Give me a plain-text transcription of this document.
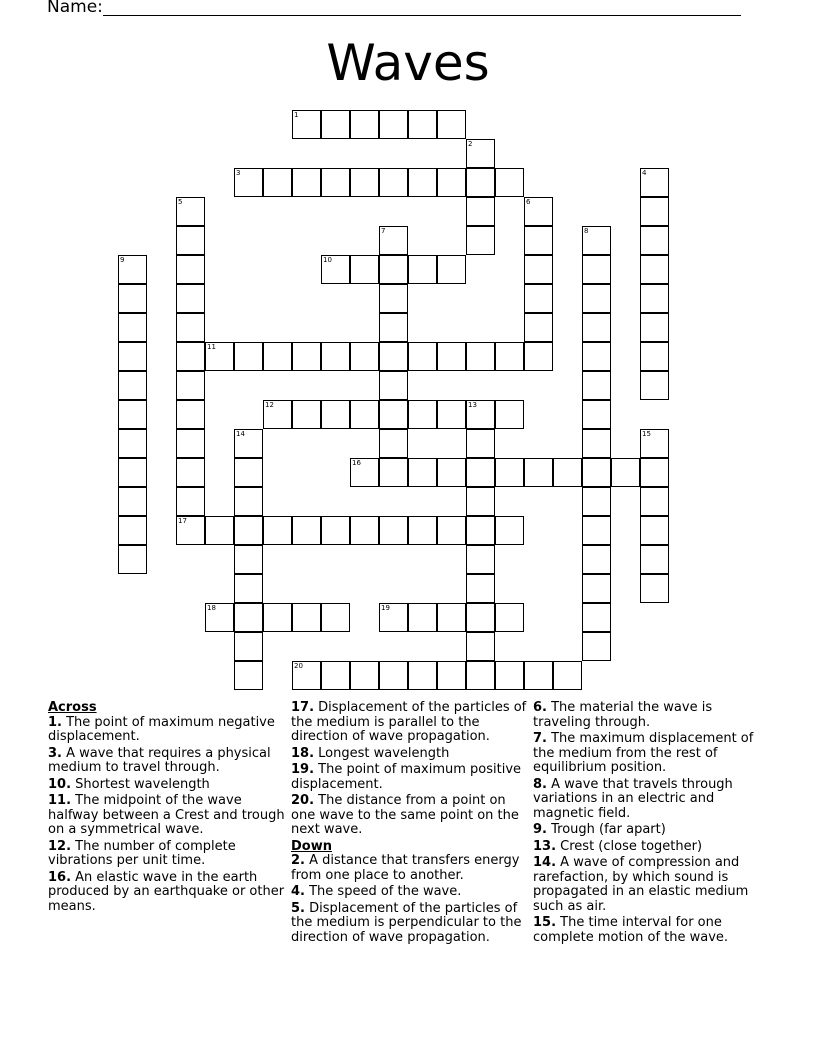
Name:
Waves
1
2
3	4
5	6
7	8
9	10
11
12	13
14	15
16
17
18	19
20
Across
1. The point of maximum negative displacement.
3. A wave that requires a physical medium to travel through.
10. Shortest wavelength
11. The midpoint of the wave halfway between a Crest and trough on a symmetrical wave.
12. The number of complete vibrations per unit time.
16. An elastic wave in the earth produced by an earthquake or other means.
17. Displacement of the particles of the medium is parallel to the direction of wave propagation.
18. Longest wavelength
19. The point of maximum positive displacement.
20. The distance from a point on one wave to the same point on the next wave.
Down
2. A distance that transfers energy from one place to another.
4. The speed of the wave.
5. Displacement of the particles of the medium is perpendicular to the direction of wave propagation.
6. The material the wave is traveling through.
7. The maximum displacement of the medium from the rest of equilibrium position.
8. A wave that travels through variations in an electric and magnetic field.
9. Trough (far apart)
13. Crest (close together)
14. A wave of compression and rarefaction, by which sound is propagated in an elastic medium such as air.
15. The time interval for one complete motion of the wave.
